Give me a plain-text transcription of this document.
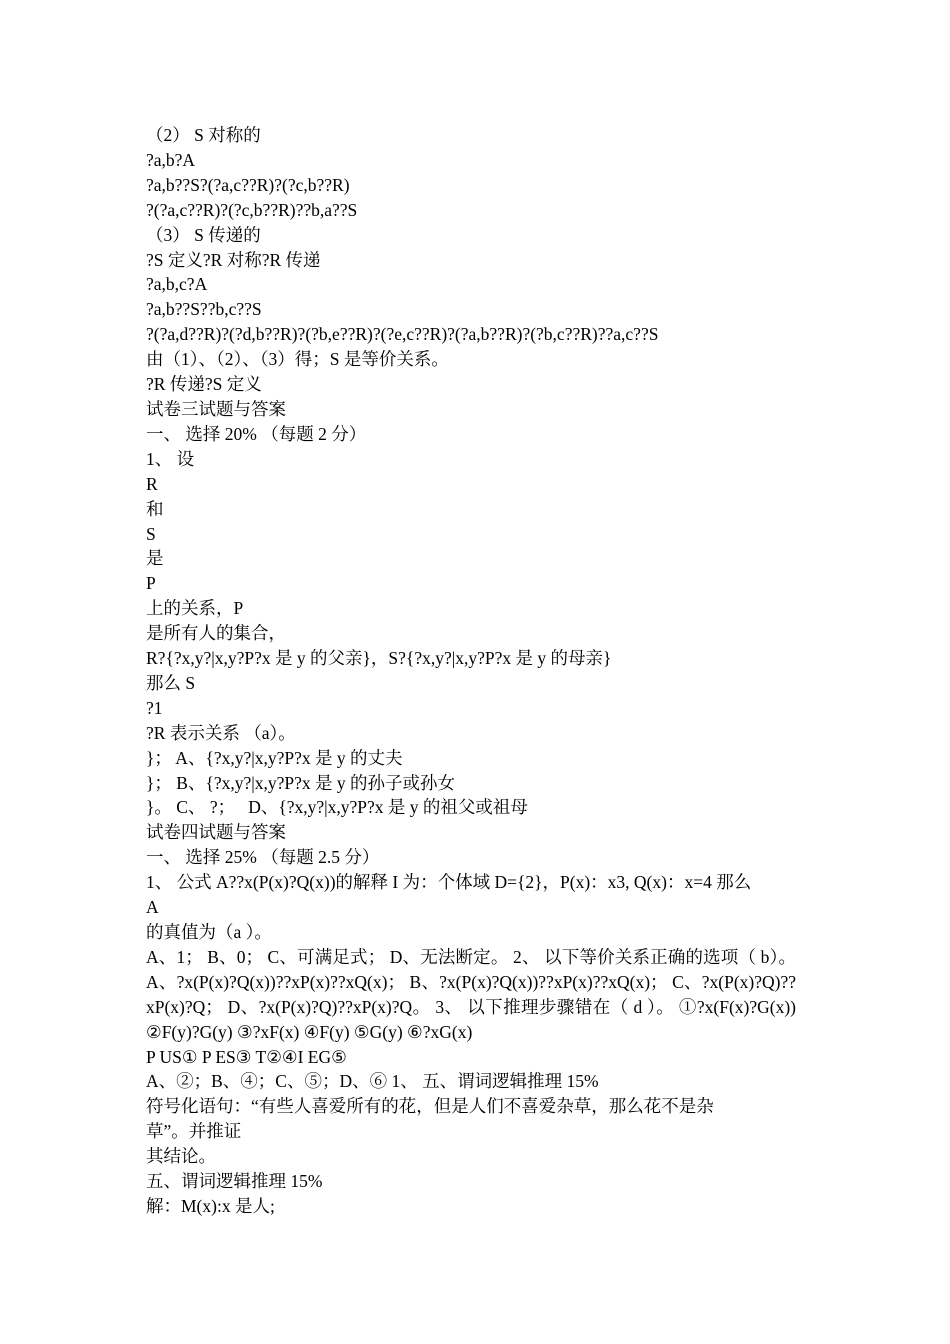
（2） S 对称的
?a,b?A
?a,b??S?(?a,c??R)?(?c,b??R)
?(?a,c??R)?(?c,b??R)??b,a??S
（3） S 传递的
?S 定义?R 对称?R 传递
?a,b,c?A
?a,b??S??b,c??S
?(?a,d??R)?(?d,b??R)?(?b,e??R)?(?e,c??R)?(?a,b??R)?(?b,c??R)??a,c??S
由（1）、（2）、（3）得；S 是等价关系。
?R 传递?S 定义
试卷三试题与答案
一、 选择 20% （每题 2 分）
1、 设
R
和
S
是
P
上的关系，P
是所有人的集合，
R?{?x,y?|x,y?P?x 是 y 的父亲}，S?{?x,y?|x,y?P?x 是 y 的母亲}
那么 S
?1
?R 表示关系 （a）。
}； A、{?x,y?|x,y?P?x 是 y 的丈夫
}； B、{?x,y?|x,y?P?x 是 y 的孙子或孙女
}。 C、 ?；   D、{?x,y?|x,y?P?x 是 y 的祖父或祖母
试卷四试题与答案
一、 选择 25% （每题 2.5 分）
1、 公式 A??x(P(x)?Q(x))的解释 I 为：个体域 D={2}，P(x)：x3, Q(x)：x=4 那么
A
的真值为（a ）。
A、1； B、0； C、可满足式； D、无法断定。 2、 以下等价关系正确的选项（ b）。 A、?x(P(x)?Q(x))??xP(x)??xQ(x)； B、?x(P(x)?Q(x))??xP(x)??xQ(x)； C、?x(P(x)?Q)??xP(x)?Q； D、?x(P(x)?Q)??xP(x)?Q。 3、 以下推理步骤错在（ d ）。 ①?x(F(x)?G(x)) ②F(y)?G(y) ③?xF(x) ④F(y) ⑤G(y) ⑥?xG(x)
P US① P ES③ T②④I EG⑤
A、②；B、④；C、⑤；D、⑥ 1、 五、谓词逻辑推理 15%
符号化语句：“有些人喜爱所有的花，但是人们不喜爱杂草，那么花不是杂
草”。并推证
其结论。
五、谓词逻辑推理 15%
解：M(x):x 是人;
